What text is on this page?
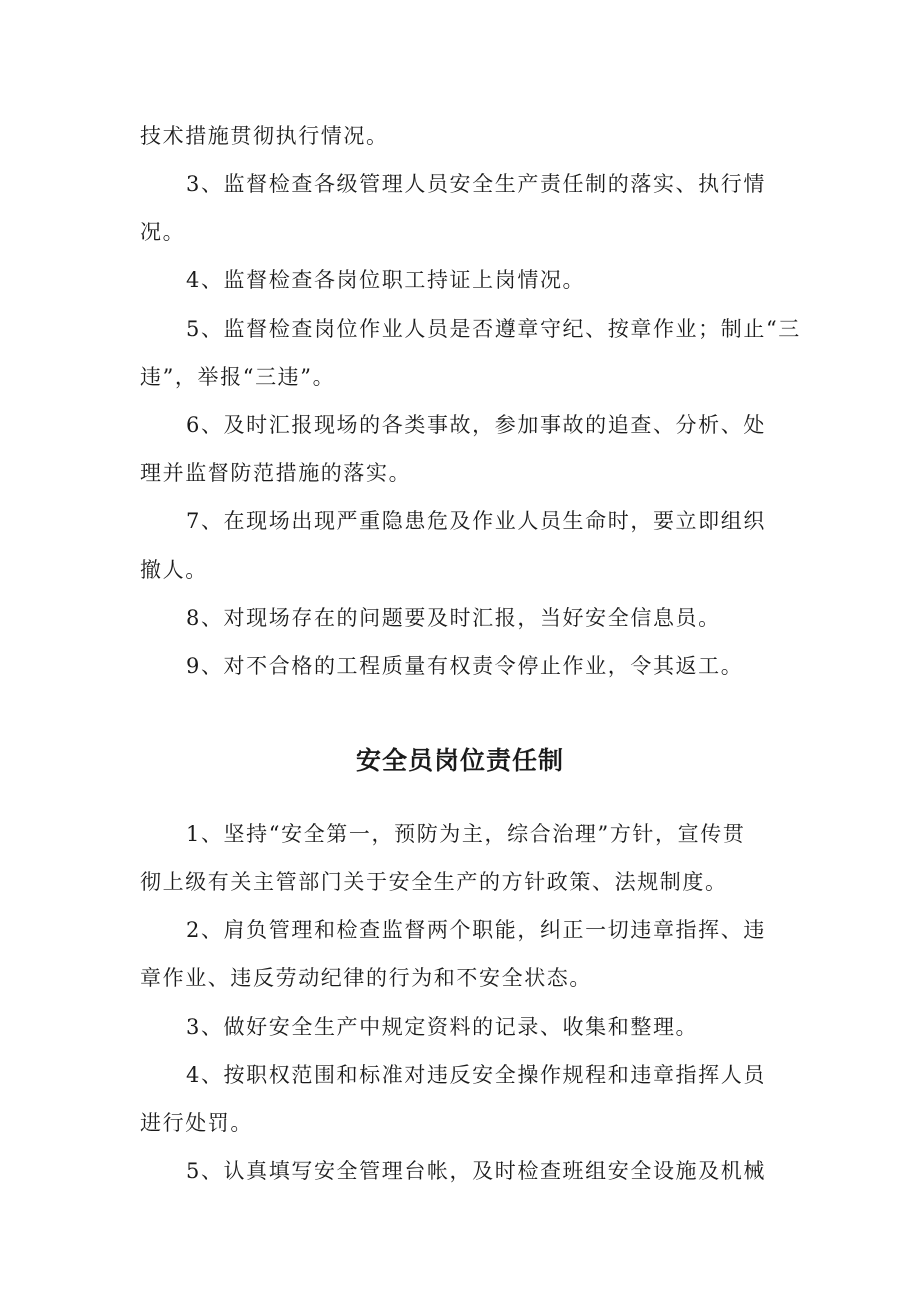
技术措施贯彻执行情况。
3、监督检查各级管理人员安全生产责任制的落实、执行情
况。
4、监督检查各岗位职工持证上岗情况。
5、监督检查岗位作业人员是否遵章守纪、按章作业；制止“三
违”，举报“三违”。
6、及时汇报现场的各类事故，参加事故的追查、分析、处
理并监督防范措施的落实。
7、在现场出现严重隐患危及作业人员生命时，要立即组织
撤人。
8、对现场存在的问题要及时汇报，当好安全信息员。
9、对不合格的工程质量有权责令停止作业，令其返工。
安全员岗位责任制
1、坚持“安全第一，预防为主，综合治理”方针，宣传贯
彻上级有关主管部门关于安全生产的方针政策、法规制度。
2、肩负管理和检查监督两个职能，纠正一切违章指挥、违
章作业、违反劳动纪律的行为和不安全状态。
3、做好安全生产中规定资料的记录、收集和整理。
4、按职权范围和标准对违反安全操作规程和违章指挥人员
进行处罚。
5、认真填写安全管理台帐，及时检查班组安全设施及机械
